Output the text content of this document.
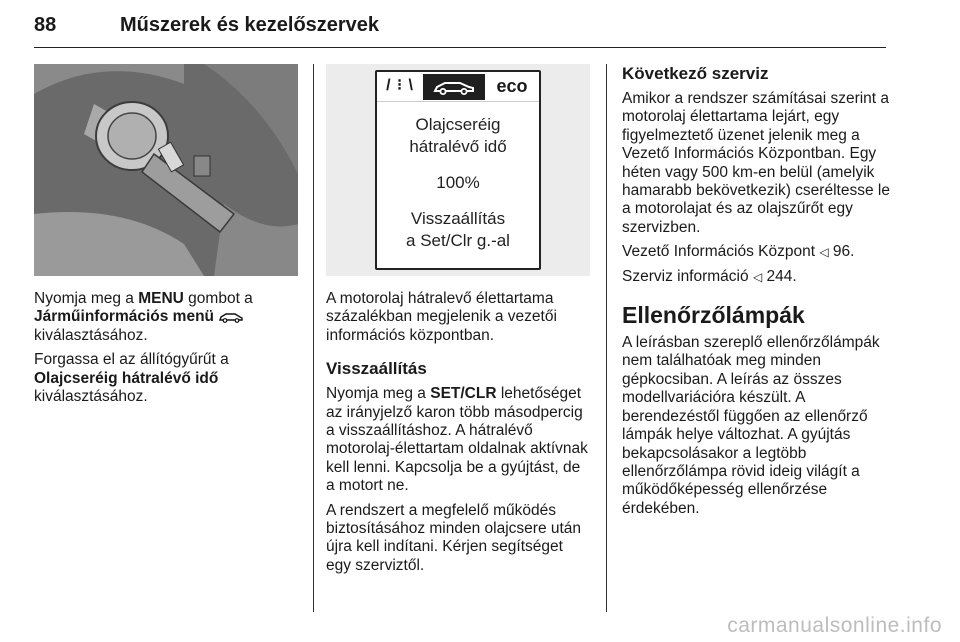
88	Műszerek és kezelőszervek

Nyomja meg a MENU gombot a
Járműinformációs menü
kiválasztásához.

Forgassa el az állítógyűrűt a
Olajcseréig hátralévő idő
kiválasztásához.

/ ⁝ \	eco
Olajcseréig
hátralévő idő
100%
Visszaállítás
a Set/Clr g.-al

A motorolaj hátralevő élettartama százalékban megjelenik a vezetői információs központban.

Visszaállítás

Nyomja meg a SET/CLR lehetőséget az irányjelző karon több másodpercig a visszaállításhoz. A hátralévő motorolaj-élettartam oldalnak aktívnak kell lenni. Kapcsolja be a gyújtást, de a motort ne.

A rendszert a megfelelő működés biztosításához minden olajcsere után újra kell indítani. Kérjen segítséget egy szerviztől.

Következő szerviz

Amikor a rendszer számításai szerint a motorolaj élettartama lejárt, egy figyelmeztető üzenet jelenik meg a Vezető Információs Központban. Egy héten vagy 500 km-en belül (amelyik hamarabb bekövetkezik) cseréltesse le a motorolajat és az olajszűrőt egy szervizben.

Vezető Információs Központ ◁ 96.

Szerviz információ ◁ 244.

Ellenőrzőlámpák

A leírásban szereplő ellenőrzőlámpák nem találhatóak meg minden gépkocsiban. A leírás az összes modellvariációra készült. A berendezéstől függően az ellenőrző lámpák helye változhat. A gyújtás bekapcsolásakor a legtöbb ellenőrzőlámpa rövid ideig világít a működőképesség ellenőrzése érdekében.

carmanualsonline.info
